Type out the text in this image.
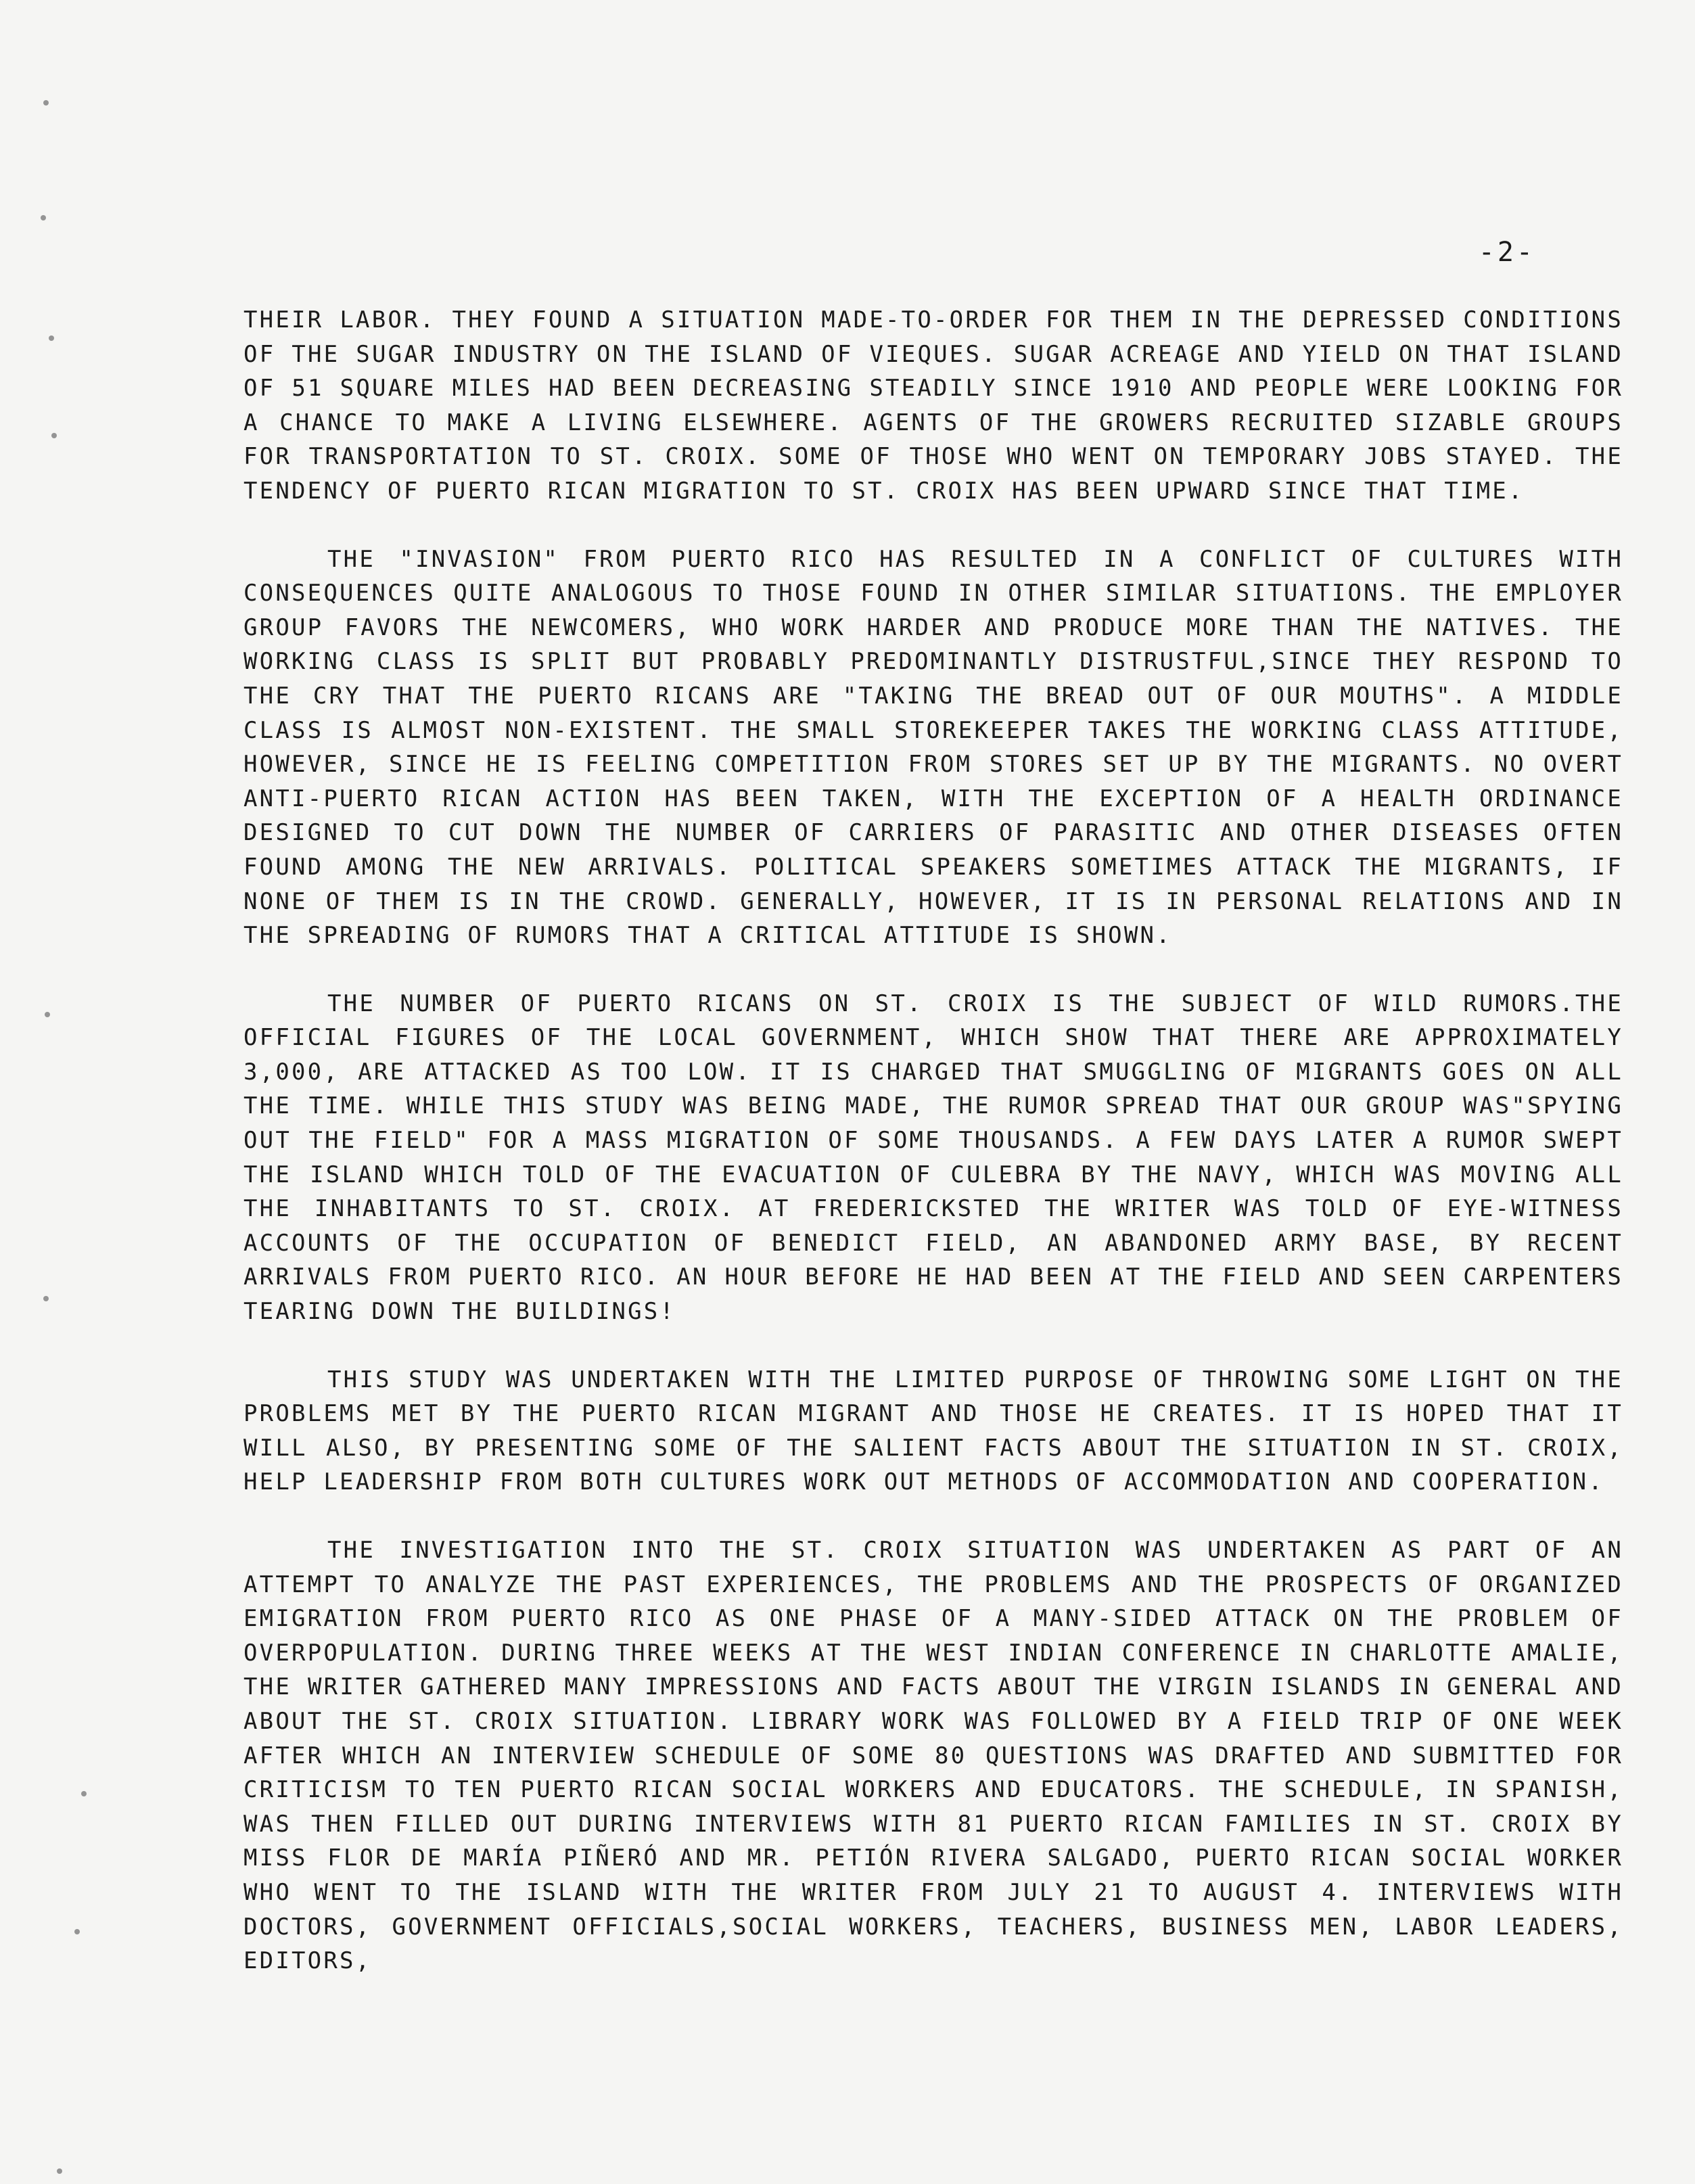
-2-

THEIR LABOR. THEY FOUND A SITUATION MADE-TO-ORDER FOR THEM IN THE DEPRESSED CONDITIONS OF THE SUGAR INDUSTRY ON THE ISLAND OF VIEQUES. SUGAR ACREAGE AND YIELD ON THAT ISLAND OF 51 SQUARE MILES HAD BEEN DECREASING STEADILY SINCE 1910 AND PEOPLE WERE LOOKING FOR A CHANCE TO MAKE A LIVING ELSEWHERE. AGENTS OF THE GROWERS RECRUITED SIZABLE GROUPS FOR TRANSPORTATION TO ST. CROIX. SOME OF THOSE WHO WENT ON TEMPORARY JOBS STAYED. THE TENDENCY OF PUERTO RICAN MIGRATION TO ST. CROIX HAS BEEN UPWARD SINCE THAT TIME.

THE "INVASION" FROM PUERTO RICO HAS RESULTED IN A CONFLICT OF CULTURES WITH CONSEQUENCES QUITE ANALOGOUS TO THOSE FOUND IN OTHER SIMILAR SITUATIONS. THE EMPLOYER GROUP FAVORS THE NEWCOMERS, WHO WORK HARDER AND PRODUCE MORE THAN THE NATIVES. THE WORKING CLASS IS SPLIT BUT PROBABLY PREDOMINANTLY DISTRUSTFUL,SINCE THEY RESPOND TO THE CRY THAT THE PUERTO RICANS ARE "TAKING THE BREAD OUT OF OUR MOUTHS". A MIDDLE CLASS IS ALMOST NON-EXISTENT. THE SMALL STOREKEEPER TAKES THE WORKING CLASS ATTITUDE, HOWEVER, SINCE HE IS FEELING COMPETITION FROM STORES SET UP BY THE MIGRANTS. NO OVERT ANTI-PUERTO RICAN ACTION HAS BEEN TAKEN, WITH THE EXCEPTION OF A HEALTH ORDINANCE DESIGNED TO CUT DOWN THE NUMBER OF CARRIERS OF PARASITIC AND OTHER DISEASES OFTEN FOUND AMONG THE NEW ARRIVALS. POLITICAL SPEAKERS SOMETIMES ATTACK THE MIGRANTS, IF NONE OF THEM IS IN THE CROWD. GENERALLY, HOWEVER, IT IS IN PERSONAL RELATIONS AND IN THE SPREADING OF RUMORS THAT A CRITICAL ATTITUDE IS SHOWN.

THE NUMBER OF PUERTO RICANS ON ST. CROIX IS THE SUBJECT OF WILD RUMORS.THE OFFICIAL FIGURES OF THE LOCAL GOVERNMENT, WHICH SHOW THAT THERE ARE APPROXIMATELY 3,000, ARE ATTACKED AS TOO LOW. IT IS CHARGED THAT SMUGGLING OF MIGRANTS GOES ON ALL THE TIME. WHILE THIS STUDY WAS BEING MADE, THE RUMOR SPREAD THAT OUR GROUP WAS"SPYING OUT THE FIELD" FOR A MASS MIGRATION OF SOME THOUSANDS. A FEW DAYS LATER A RUMOR SWEPT THE ISLAND WHICH TOLD OF THE EVACUATION OF CULEBRA BY THE NAVY, WHICH WAS MOVING ALL THE INHABITANTS TO ST. CROIX. AT FREDERICKSTED THE WRITER WAS TOLD OF EYE-WITNESS ACCOUNTS OF THE OCCUPATION OF BENEDICT FIELD, AN ABANDONED ARMY BASE, BY RECENT ARRIVALS FROM PUERTO RICO. AN HOUR BEFORE HE HAD BEEN AT THE FIELD AND SEEN CARPENTERS TEARING DOWN THE BUILDINGS!

THIS STUDY WAS UNDERTAKEN WITH THE LIMITED PURPOSE OF THROWING SOME LIGHT ON THE PROBLEMS MET BY THE PUERTO RICAN MIGRANT AND THOSE HE CREATES. IT IS HOPED THAT IT WILL ALSO, BY PRESENTING SOME OF THE SALIENT FACTS ABOUT THE SITUATION IN ST. CROIX, HELP LEADERSHIP FROM BOTH CULTURES WORK OUT METHODS OF ACCOMMODATION AND COOPERATION.

THE INVESTIGATION INTO THE ST. CROIX SITUATION WAS UNDERTAKEN AS PART OF AN ATTEMPT TO ANALYZE THE PAST EXPERIENCES, THE PROBLEMS AND THE PROSPECTS OF ORGANIZED EMIGRATION FROM PUERTO RICO AS ONE PHASE OF A MANY-SIDED ATTACK ON THE PROBLEM OF OVERPOPULATION. DURING THREE WEEKS AT THE WEST INDIAN CONFERENCE IN CHARLOTTE AMALIE, THE WRITER GATHERED MANY IMPRESSIONS AND FACTS ABOUT THE VIRGIN ISLANDS IN GENERAL AND ABOUT THE ST. CROIX SITUATION. LIBRARY WORK WAS FOLLOWED BY A FIELD TRIP OF ONE WEEK AFTER WHICH AN INTERVIEW SCHEDULE OF SOME 80 QUESTIONS WAS DRAFTED AND SUBMITTED FOR CRITICISM TO TEN PUERTO RICAN SOCIAL WORKERS AND EDUCATORS. THE SCHEDULE, IN SPANISH, WAS THEN FILLED OUT DURING INTERVIEWS WITH 81 PUERTO RICAN FAMILIES IN ST. CROIX BY MISS FLOR DE MARÍA PIÑERÓ AND MR. PETIÓN RIVERA SALGADO, PUERTO RICAN SOCIAL WORKER WHO WENT TO THE ISLAND WITH THE WRITER FROM JULY 21 TO AUGUST 4. INTERVIEWS WITH DOCTORS, GOVERNMENT OFFICIALS,SOCIAL WORKERS, TEACHERS, BUSINESS MEN, LABOR LEADERS, EDITORS,
